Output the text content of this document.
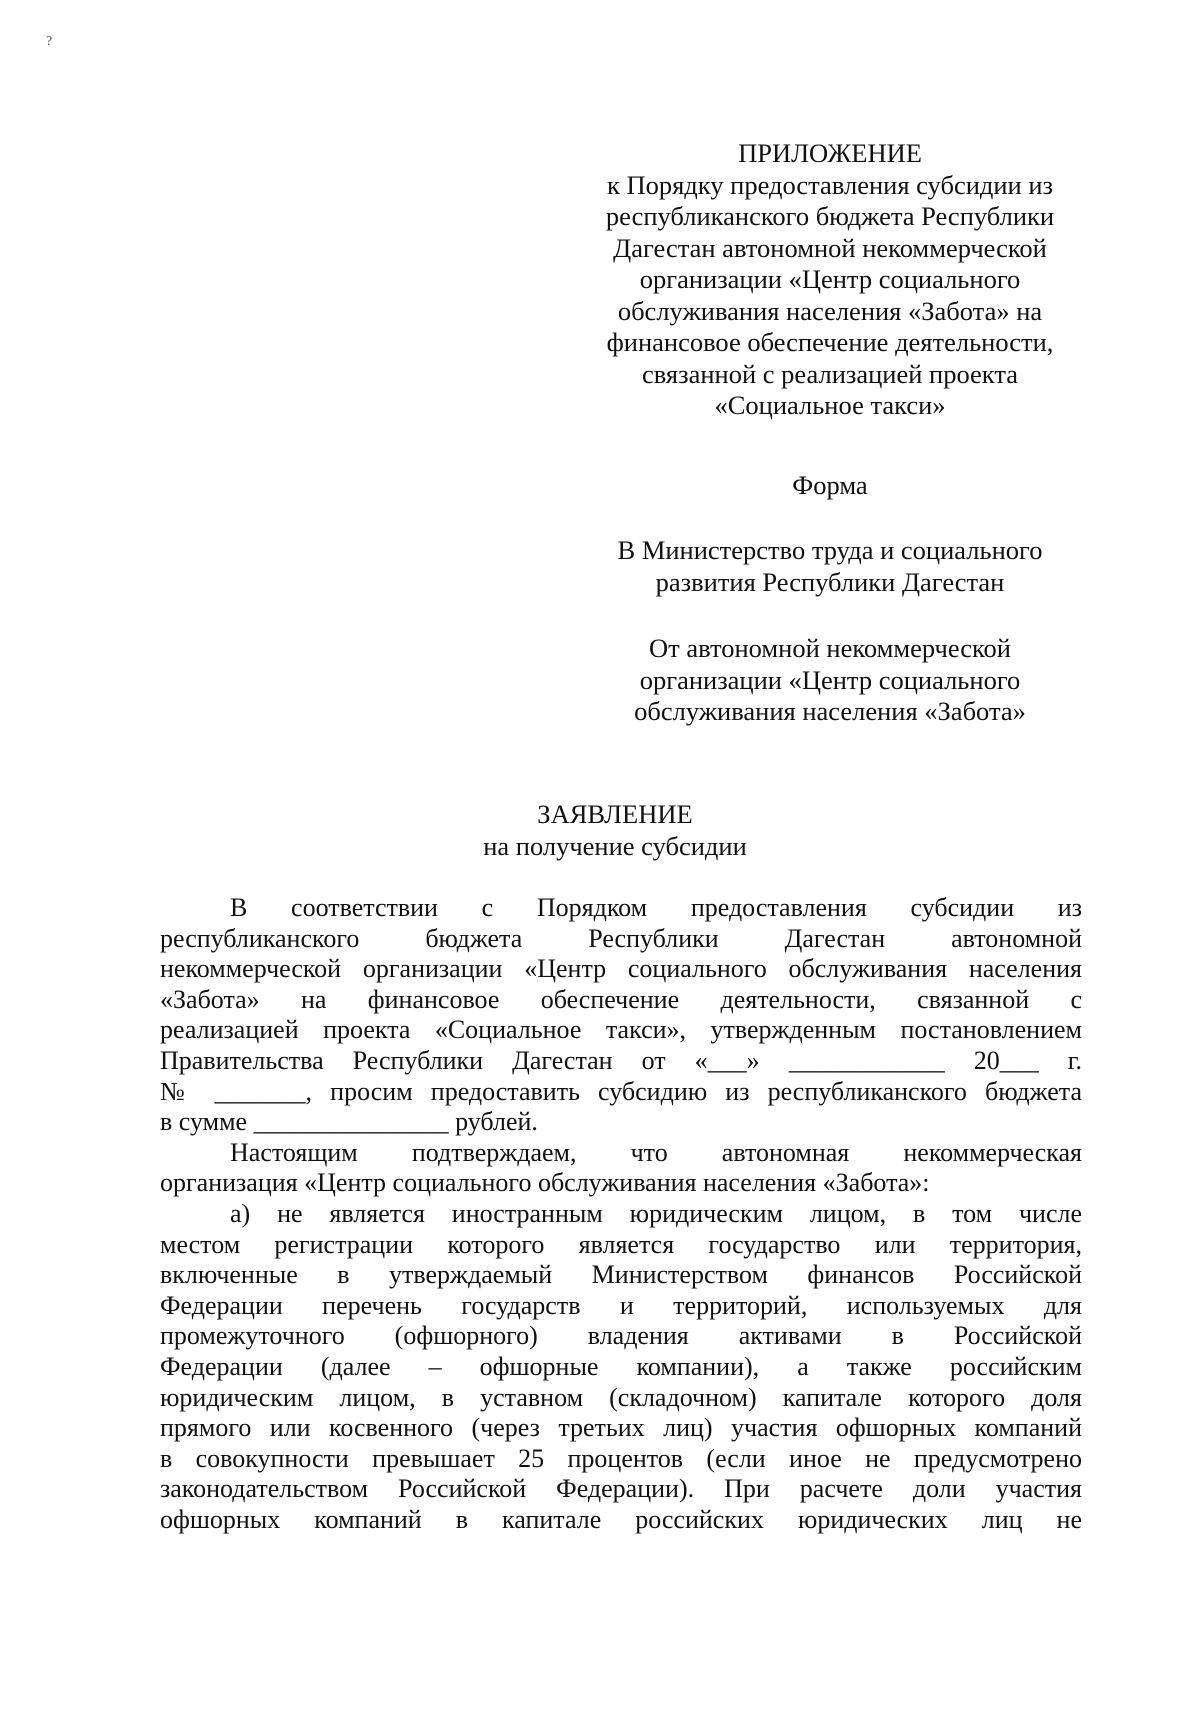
?
ПРИЛОЖЕНИЕ
к Порядку предоставления субсидии из
республиканского бюджета Республики
Дагестан автономной некоммерческой
организации «Центр социального
обслуживания населения «Забота» на
финансовое обеспечение деятельности,
связанной с реализацией проекта
«Социальное такси»
Форма
В Министерство труда и социального
развития Республики Дагестан
От автономной некоммерческой
организации «Центр социального
обслуживания населения «Забота»
ЗАЯВЛЕНИЕ
на получение субсидии
В соответствии с Порядком предоставления субсидии из
республиканского бюджета Республики Дагестан автономной
некоммерческой организации «Центр социального обслуживания населения
«Забота» на финансовое обеспечение деятельности, связанной с
реализацией проекта «Социальное такси», утвержденным постановлением
Правительства Республики Дагестан от «___» ____________ 20___ г.
№ _______, просим предоставить субсидию из республиканского бюджета
в сумме _______________ рублей.
Настоящим подтверждаем, что автономная некоммерческая
организация «Центр социального обслуживания населения «Забота»:
а) не является иностранным юридическим лицом, в том числе
местом регистрации которого является государство или территория,
включенные в утверждаемый Министерством финансов Российской
Федерации перечень государств и территорий, используемых для
промежуточного (офшорного) владения активами в Российской
Федерации (далее – офшорные компании), а также российским
юридическим лицом, в уставном (складочном) капитале которого доля
прямого или косвенного (через третьих лиц) участия офшорных компаний
в совокупности превышает 25 процентов (если иное не предусмотрено
законодательством Российской Федерации). При расчете доли участия
офшорных компаний в капитале российских юридических лиц не
